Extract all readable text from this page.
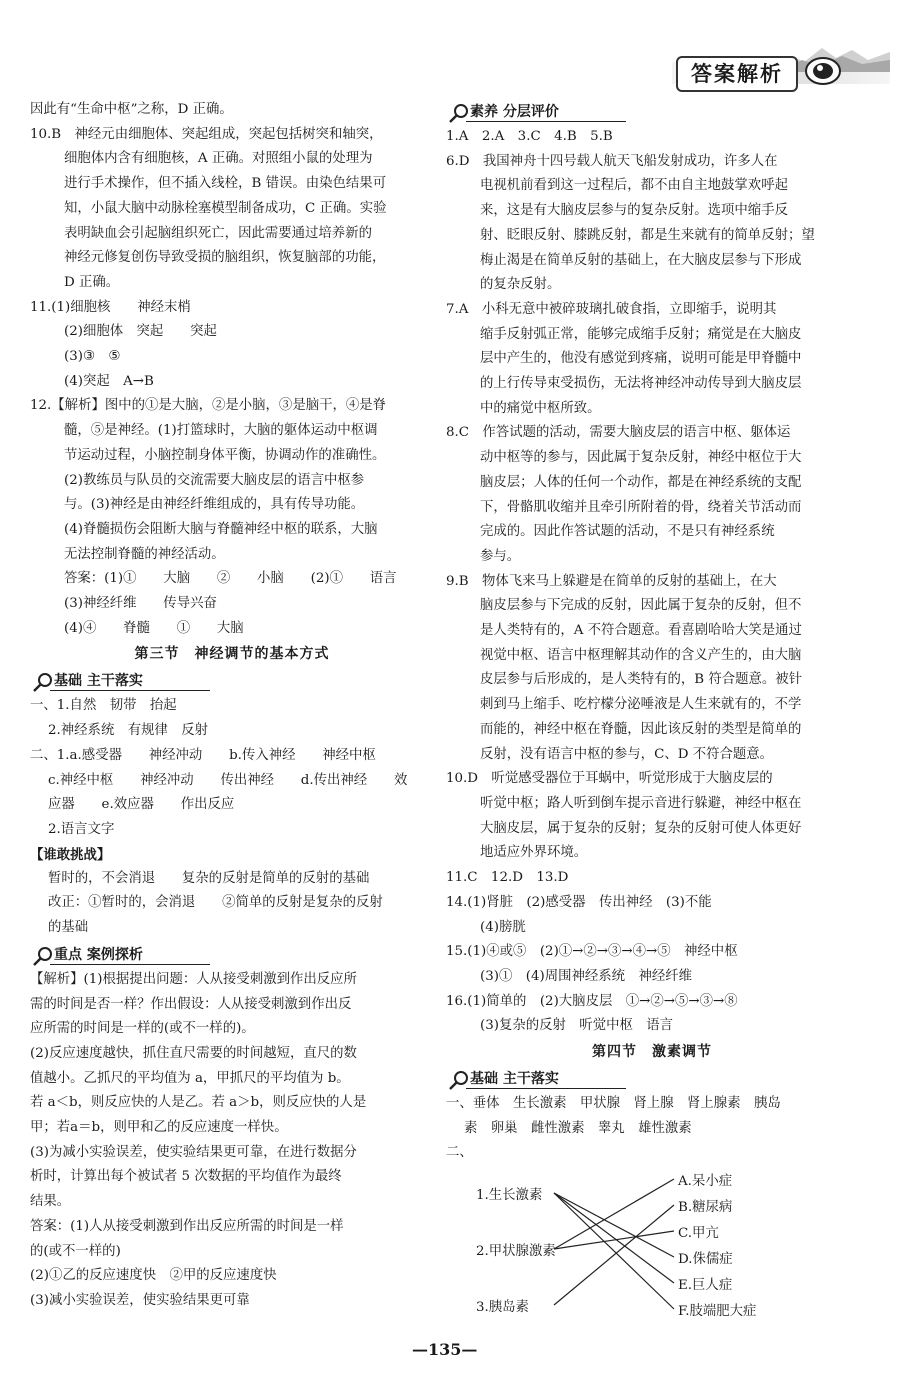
答案解析

因此有“生命中枢”之称，D 正确。

10.B　神经元由细胞体、突起组成，突起包括树突和轴突，

细胞体内含有细胞核，A 正确。对照组小鼠的处理为

进行手术操作，但不插入线栓，B 错误。由染色结果可

知，小鼠大脑中动脉栓塞模型制备成功，C 正确。实验

表明缺血会引起脑组织死亡，因此需要通过培养新的

神经元修复创伤导致受损的脑组织，恢复脑部的功能，

D 正确。

11.(1)细胞核　　神经末梢

(2)细胞体　突起　　突起

(3)③　⑤

(4)突起　A→B

12.【解析】图中的①是大脑，②是小脑，③是脑干，④是脊

髓，⑤是神经。(1)打篮球时，大脑的躯体运动中枢调

节运动过程，小脑控制身体平衡，协调动作的准确性。

(2)教练员与队员的交流需要大脑皮层的语言中枢参

与。(3)神经是由神经纤维组成的，具有传导功能。

(4)脊髓损伤会阻断大脑与脊髓神经中枢的联系，大脑

无法控制脊髓的神经活动。

答案：(1)①　　大脑　　②　　小脑　　(2)①　　语言

(3)神经纤维　　传导兴奋

(4)④　　脊髓　　①　　大脑

第三节　神经调节的基本方式

基础 主干落实

一、1.自然　韧带　抬起

2.神经系统　有规律　反射

二、1.a.感受器　　神经冲动　　b.传入神经　　神经中枢

c.神经中枢　　神经冲动　　传出神经　　d.传出神经　　效

应器　　e.效应器　　作出反应

2.语言文字

【谁敢挑战】

暂时的，不会消退　　复杂的反射是简单的反射的基础

改正：①暂时的，会消退　　②简单的反射是复杂的反射

的基础

重点 案例探析

【解析】(1)根据提出问题：人从接受刺激到作出反应所

需的时间是否一样？作出假设：人从接受刺激到作出反

应所需的时间是一样的(或不一样的)。

(2)反应速度越快，抓住直尺需要的时间越短，直尺的数

值越小。乙抓尺的平均值为 a，甲抓尺的平均值为 b。

若 a＜b，则反应快的人是乙。若 a＞b，则反应快的人是

甲；若a＝b，则甲和乙的反应速度一样快。

(3)为减小实验误差，使实验结果更可靠，在进行数据分

析时，计算出每个被试者 5 次数据的平均值作为最终

结果。

答案：(1)人从接受刺激到作出反应所需的时间是一样

的(或不一样的)

(2)①乙的反应速度快　②甲的反应速度快

(3)减小实验误差，使实验结果更可靠

素养 分层评价

1.A　2.A　3.C　4.B　5.B

6.D　我国神舟十四号载人航天飞船发射成功，许多人在

电视机前看到这一过程后，都不由自主地鼓掌欢呼起

来，这是有大脑皮层参与的复杂反射。选项中缩手反

射、眨眼反射、膝跳反射，都是生来就有的简单反射；望

梅止渴是在简单反射的基础上，在大脑皮层参与下形成

的复杂反射。

7.A　小科无意中被碎玻璃扎破食指，立即缩手，说明其

缩手反射弧正常，能够完成缩手反射；痛觉是在大脑皮

层中产生的，他没有感觉到疼痛，说明可能是甲脊髓中

的上行传导束受损伤，无法将神经冲动传导到大脑皮层

中的痛觉中枢所致。

8.C　作答试题的活动，需要大脑皮层的语言中枢、躯体运

动中枢等的参与，因此属于复杂反射，神经中枢位于大

脑皮层；人体的任何一个动作，都是在神经系统的支配

下，骨骼肌收缩并且牵引所附着的骨，绕着关节活动而

完成的。因此作答试题的活动，不是只有神经系统

参与。

9.B　物体飞来马上躲避是在简单的反射的基础上，在大

脑皮层参与下完成的反射，因此属于复杂的反射，但不

是人类特有的，A 不符合题意。看喜剧哈哈大笑是通过

视觉中枢、语言中枢理解其动作的含义产生的，由大脑

皮层参与后形成的，是人类特有的，B 符合题意。被针

刺到马上缩手、吃柠檬分泌唾液是人生来就有的，不学

而能的，神经中枢在脊髓，因此该反射的类型是简单的

反射，没有语言中枢的参与，C、D 不符合题意。

10.D　听觉感受器位于耳蜗中，听觉形成于大脑皮层的

听觉中枢；路人听到倒车提示音进行躲避，神经中枢在

大脑皮层，属于复杂的反射；复杂的反射可使人体更好

地适应外界环境。

11.C　12.D　13.D

14.(1)肾脏　(2)感受器　传出神经　(3)不能

(4)膀胱

15.(1)④或⑤　(2)①→②→③→④→⑤　神经中枢

(3)①　(4)周围神经系统　神经纤维

16.(1)简单的　(2)大脑皮层　①→②→⑤→③→⑧

(3)复杂的反射　听觉中枢　语言

第四节　激素调节

基础 主干落实

一、垂体　生长激素　甲状腺　肾上腺　肾上腺素　胰岛

素　卵巢　雌性激素　睾丸　雄性激素

二、

1.生长激素
2.甲状腺激素
3.胰岛素
A.呆小症
B.糖尿病
C.甲亢
D.侏儒症
E.巨人症
F.肢端肥大症
—135—
